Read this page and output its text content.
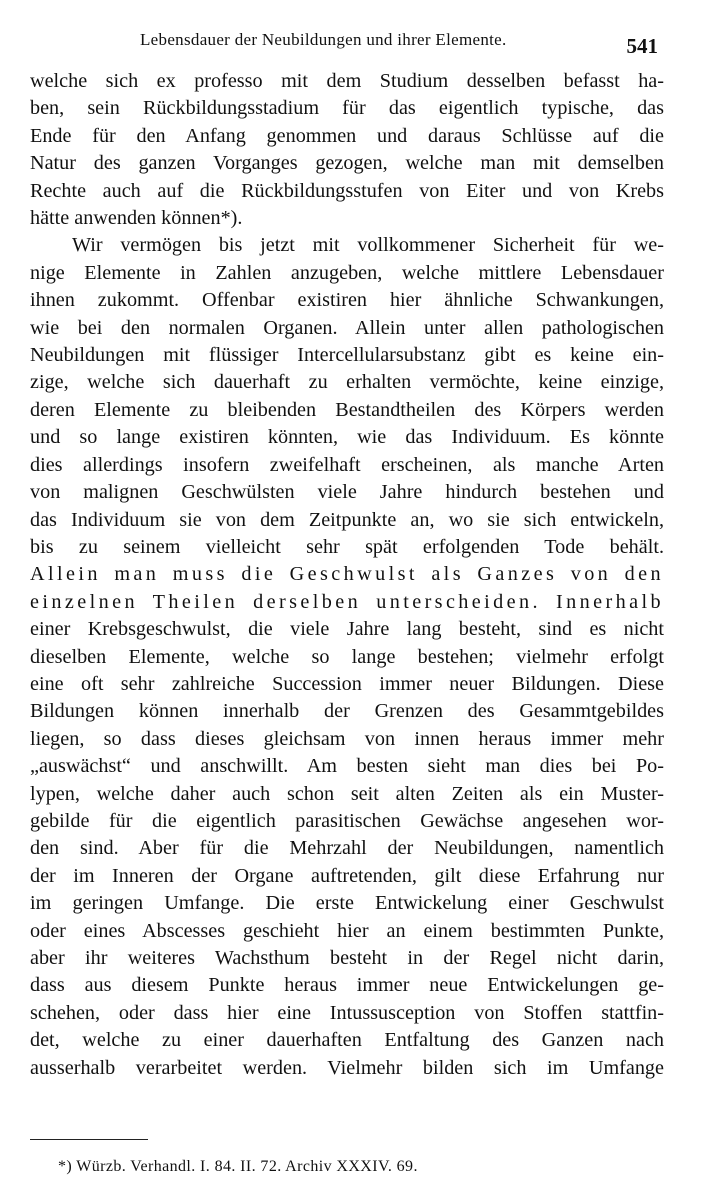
Lebensdauer der Neubildungen und ihrer Elemente.	541
welche sich ex professo mit dem Studium desselben befasst ha-
ben, sein Rückbildungsstadium für das eigentlich typische, das
Ende für den Anfang genommen und daraus Schlüsse auf die
Natur des ganzen Vorganges gezogen, welche man mit demselben
Rechte auch auf die Rückbildungsstufen von Eiter und von Krebs
hätte anwenden können*).
Wir vermögen bis jetzt mit vollkommener Sicherheit für we-
nige Elemente in Zahlen anzugeben, welche mittlere Lebensdauer
ihnen zukommt. Offenbar existiren hier ähnliche Schwankungen,
wie bei den normalen Organen. Allein unter allen pathologischen
Neubildungen mit flüssiger Intercellularsubstanz gibt es keine ein-
zige, welche sich dauerhaft zu erhalten vermöchte, keine einzige,
deren Elemente zu bleibenden Bestandtheilen des Körpers werden
und so lange existiren könnten, wie das Individuum. Es könnte
dies allerdings insofern zweifelhaft erscheinen, als manche Arten
von malignen Geschwülsten viele Jahre hindurch bestehen und
das Individuum sie von dem Zeitpunkte an, wo sie sich entwickeln,
bis zu seinem vielleicht sehr spät erfolgenden Tode behält.
Allein man muss die Geschwulst als Ganzes von den
einzelnen Theilen derselben unterscheiden. Innerhalb
einer Krebsgeschwulst, die viele Jahre lang besteht, sind es nicht
dieselben Elemente, welche so lange bestehen; vielmehr erfolgt
eine oft sehr zahlreiche Succession immer neuer Bildungen. Diese
Bildungen können innerhalb der Grenzen des Gesammtgebildes
liegen, so dass dieses gleichsam von innen heraus immer mehr
„auswächst“ und anschwillt. Am besten sieht man dies bei Po-
lypen, welche daher auch schon seit alten Zeiten als ein Muster-
gebilde für die eigentlich parasitischen Gewächse angesehen wor-
den sind. Aber für die Mehrzahl der Neubildungen, namentlich
der im Inneren der Organe auftretenden, gilt diese Erfahrung nur
im geringen Umfange. Die erste Entwickelung einer Geschwulst
oder eines Abscesses geschieht hier an einem bestimmten Punkte,
aber ihr weiteres Wachsthum besteht in der Regel nicht darin,
dass aus diesem Punkte heraus immer neue Entwickelungen ge-
schehen, oder dass hier eine Intussusception von Stoffen stattfin-
det, welche zu einer dauerhaften Entfaltung des Ganzen nach
ausserhalb verarbeitet werden. Vielmehr bilden sich im Umfange
*) Würzb. Verhandl. I. 84. II. 72. Archiv XXXIV. 69.
